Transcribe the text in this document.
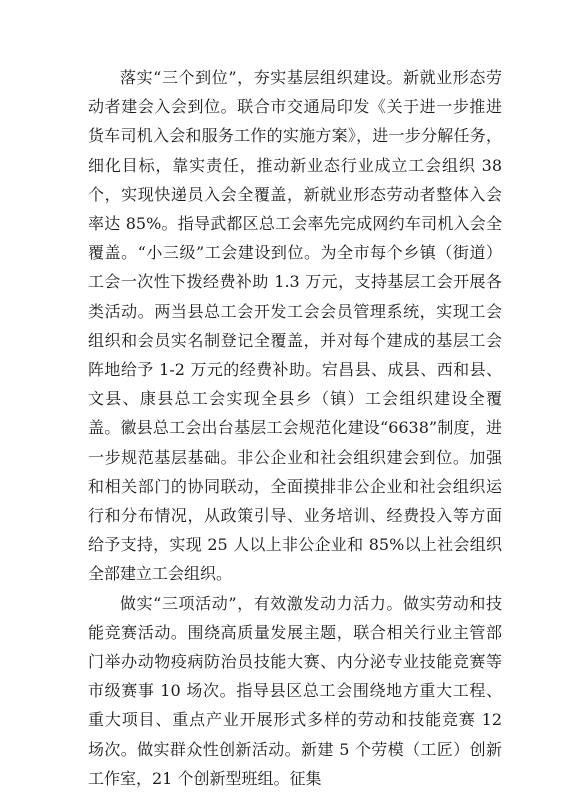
落实“三个到位”，夯实基层组织建设。新就业形态劳动者建会入会到位。联合市交通局印发《关于进一步推进货车司机入会和服务工作的实施方案》，进一步分解任务，细化目标，靠实责任，推动新业态行业成立工会组织 38 个，实现快递员入会全覆盖，新就业形态劳动者整体入会率达 85%。指导武都区总工会率先完成网约车司机入会全覆盖。“小三级”工会建设到位。为全市每个乡镇（街道）工会一次性下拨经费补助 1.3 万元，支持基层工会开展各类活动。两当县总工会开发工会会员管理系统，实现工会组织和会员实名制登记全覆盖，并对每个建成的基层工会阵地给予 1-2 万元的经费补助。宕昌县、成县、西和县、文县、康县总工会实现全县乡（镇）工会组织建设全覆盖。徽县总工会出台基层工会规范化建设“6638”制度，进一步规范基层基础。非公企业和社会组织建会到位。加强和相关部门的协同联动，全面摸排非公企业和社会组织运行和分布情况，从政策引导、业务培训、经费投入等方面给予支持，实现 25 人以上非公企业和 85%以上社会组织全部建立工会组织。

做实“三项活动”，有效激发动力活力。做实劳动和技能竞赛活动。围绕高质量发展主题，联合相关行业主管部门举办动物疫病防治员技能大赛、内分泌专业技能竞赛等市级赛事 10 场次。指导县区总工会围绕地方重大工程、重大项目、重点产业开展形式多样的劳动和技能竞赛 12 场次。做实群众性创新活动。新建 5 个劳模（工匠）创新工作室，21 个创新型班组。征集
